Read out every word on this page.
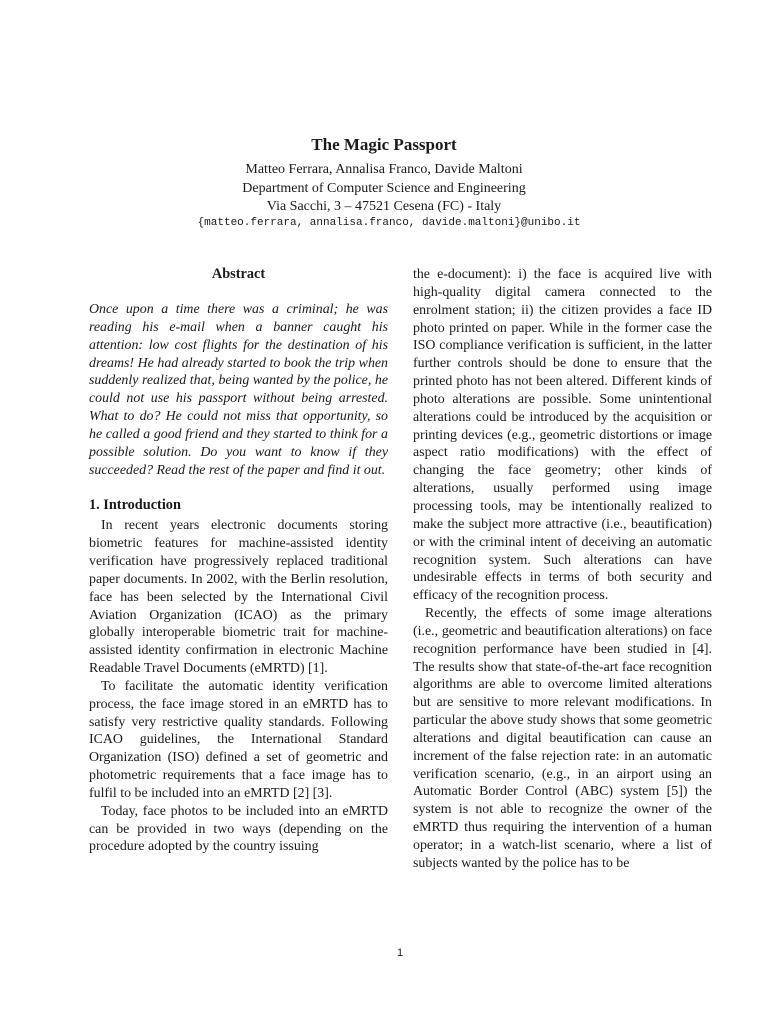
The Magic Passport
Matteo Ferrara, Annalisa Franco, Davide Maltoni
Department of Computer Science and Engineering
Via Sacchi, 3 – 47521 Cesena (FC) - Italy
{matteo.ferrara, annalisa.franco, davide.maltoni}@unibo.it
Abstract

Once upon a time there was a criminal; he was reading his e-mail when a banner caught his attention: low cost flights for the destination of his dreams! He had already started to book the trip when suddenly realized that, being wanted by the police, he could not use his passport without being arrested. What to do? He could not miss that opportunity, so he called a good friend and they started to think for a possible solution. Do you want to know if they succeeded? Read the rest of the paper and find it out.

1. Introduction

In recent years electronic documents storing biometric features for machine-assisted identity verification have progressively replaced traditional paper documents. In 2002, with the Berlin resolution, face has been selected by the International Civil Aviation Organization (ICAO) as the primary globally interoperable biometric trait for machine-assisted identity confirmation in electronic Machine Readable Travel Documents (eMRTD) [1].

To facilitate the automatic identity verification process, the face image stored in an eMRTD has to satisfy very restrictive quality standards. Following ICAO guidelines, the International Standard Organization (ISO) defined a set of geometric and photometric requirements that a face image has to fulfil to be included into an eMRTD [2] [3].

Today, face photos to be included into an eMRTD can be provided in two ways (depending on the procedure adopted by the country issuing

the e-document): i) the face is acquired live with high-quality digital camera connected to the enrolment station; ii) the citizen provides a face ID photo printed on paper. While in the former case the ISO compliance verification is sufficient, in the latter further controls should be done to ensure that the printed photo has not been altered. Different kinds of photo alterations are possible. Some unintentional alterations could be introduced by the acquisition or printing devices (e.g., geometric distortions or image aspect ratio modifications) with the effect of changing the face geometry; other kinds of alterations, usually performed using image processing tools, may be intentionally realized to make the subject more attractive (i.e., beautification) or with the criminal intent of deceiving an automatic recognition system. Such alterations can have undesirable effects in terms of both security and efficacy of the recognition process.

Recently, the effects of some image alterations (i.e., geometric and beautification alterations) on face recognition performance have been studied in [4]. The results show that state-of-the-art face recognition algorithms are able to overcome limited alterations but are sensitive to more relevant modifications. In particular the above study shows that some geometric alterations and digital beautification can cause an increment of the false rejection rate: in an automatic verification scenario, (e.g., in an airport using an Automatic Border Control (ABC) system [5]) the system is not able to recognize the owner of the eMRTD thus requiring the intervention of a human operator; in a watch-list scenario, where a list of subjects wanted by the police has to be

1
